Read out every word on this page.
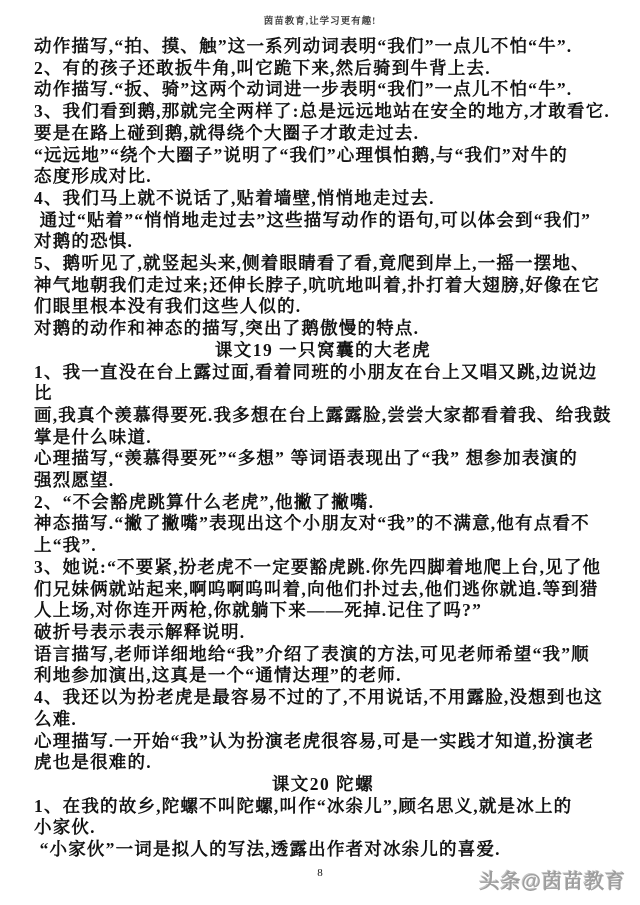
茵苗教育,让学习更有趣!

动作描写,“拍、摸、触”这一系列动词表明“我们”一点儿不怕“牛”.

2、有的孩子还敢扳牛角,叫它跪下来,然后骑到牛背上去.

动作描写.“扳、骑”这两个动词进一步表明“我们”一点儿不怕“牛”.

3、我们看到鹅,那就完全两样了:总是远远地站在安全的地方,才敢看它.

要是在路上碰到鹅,就得绕个大圈子才敢走过去.

“远远地”“绕个大圈子”说明了“我们”心理惧怕鹅,与“我们”对牛的

态度形成对比.

4、我们马上就不说话了,贴着墙壁,悄悄地走过去.

通过“贴着”“悄悄地走过去”这些描写动作的语句,可以体会到“我们”

对鹅的恐惧.

5、鹅听见了,就竖起头来,侧着眼睛看了看,竟爬到岸上,一摇一摆地、

神气地朝我们走过来;还伸长脖子,吭吭地叫着,扑打着大翅膀,好像在它

们眼里根本没有我们这些人似的.

对鹅的动作和神态的描写,突出了鹅傲慢的特点.

课文19 一只窝囊的大老虎

1、我一直没在台上露过面,看着同班的小朋友在台上又唱又跳,边说边比

画,我真个羡慕得要死.我多想在台上露露脸,尝尝大家都看着我、给我鼓

掌是什么味道.

心理描写,“羡慕得要死”“多想” 等词语表现出了“我” 想参加表演的

强烈愿望.

2、“不会豁虎跳算什么老虎”,他撇了撇嘴.

神态描写.“撇了撇嘴”表现出这个小朋友对“我”的不满意,他有点看不

上“我”.

3、她说:“不要紧,扮老虎不一定要豁虎跳.你先四脚着地爬上台,见了他

们兄妹俩就站起来,啊呜啊呜叫着,向他们扑过去,他们逃你就追.等到猎

人上场,对你连开两枪,你就躺下来——死掉.记住了吗?”

破折号表示表示解释说明.

语言描写,老师详细地给“我”介绍了表演的方法,可见老师希望“我”顺

利地参加演出,这真是一个“通情达理”的老师.

4、我还以为扮老虎是最容易不过的了,不用说话,不用露脸,没想到也这

么难.

心理描写.一开始“我”认为扮演老虎很容易,可是一实践才知道,扮演老

虎也是很难的.

课文20 陀螺

1、在我的故乡,陀螺不叫陀螺,叫作“冰尜儿”,顾名思义,就是冰上的

小家伙.

“小家伙”一词是拟人的写法,透露出作者对冰尜儿的喜爱.

8	头条@茵苗教育
